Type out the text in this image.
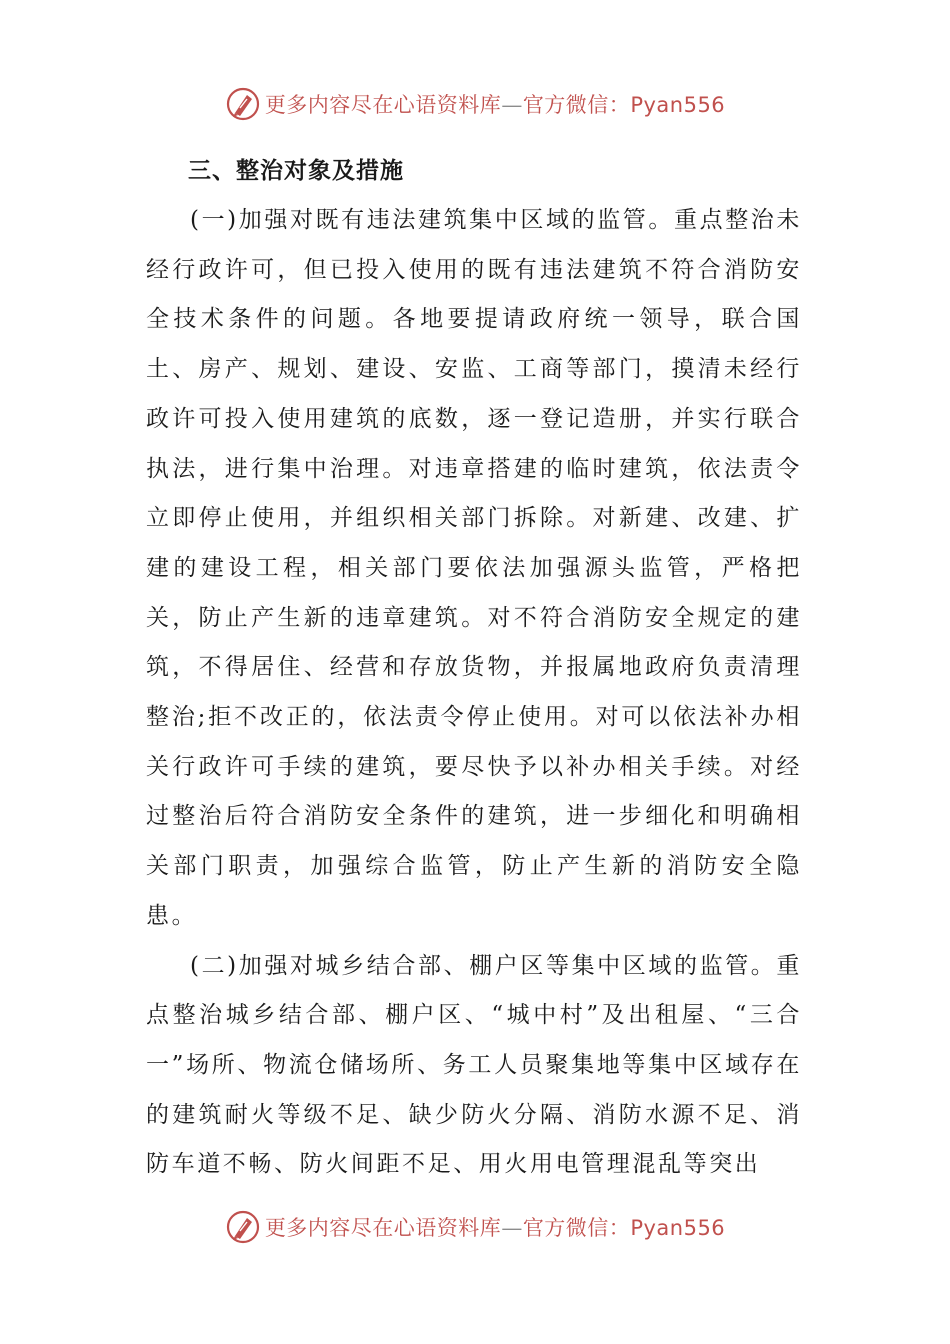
更多内容尽在心语资料库—官方微信：Pyan556
三、整治对象及措施

(一)加强对既有违法建筑集中区域的监管。重点整治未经行政许可，但已投入使用的既有违法建筑不符合消防安全技术条件的问题。各地要提请政府统一领导，联合国土、房产、规划、建设、安监、工商等部门，摸清未经行政许可投入使用建筑的底数，逐一登记造册，并实行联合执法，进行集中治理。对违章搭建的临时建筑，依法责令立即停止使用，并组织相关部门拆除。对新建、改建、扩建的建设工程，相关部门要依法加强源头监管，严格把关，防止产生新的违章建筑。对不符合消防安全规定的建筑，不得居住、经营和存放货物，并报属地政府负责清理整治;拒不改正的，依法责令停止使用。对可以依法补办相关行政许可手续的建筑，要尽快予以补办相关手续。对经过整治后符合消防安全条件的建筑，进一步细化和明确相关部门职责，加强综合监管，防止产生新的消防安全隐患。

(二)加强对城乡结合部、棚户区等集中区域的监管。重点整治城乡结合部、棚户区、“城中村”及出租屋、“三合一”场所、物流仓储场所、务工人员聚集地等集中区域存在的建筑耐火等级不足、缺少防火分隔、消防水源不足、消防车道不畅、防火间距不足、用火用电管理混乱等突出

更多内容尽在心语资料库—官方微信：Pyan556
